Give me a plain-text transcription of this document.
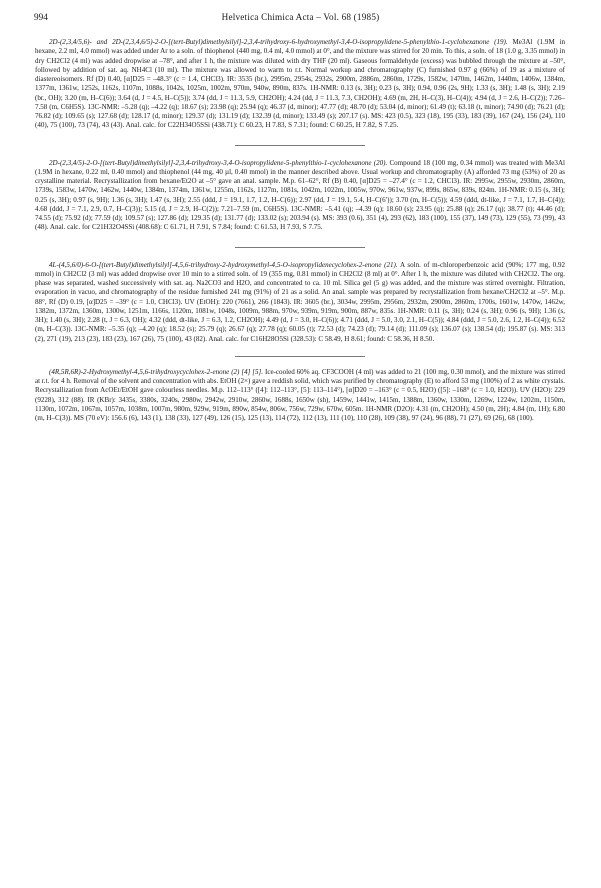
994	Helvetica Chimica Acta – Vol. 68 (1985)

2D-(2,3,4/5,6)- and 2D-(2,3,4,6/5)-2-O-[(tert-Butyl)dimethylsilyl]-2,3,4-trihydroxy-6-hydroxymethyl-3,4-O-isopropylidene-5-phenylthio-1-cyclohexanone (19). Me3Al (1.9M in hexane, 2.2 ml, 4.0 mmol) was added under Ar to a soln. of thiophenol (440 mg, 0.4 ml, 4.0 mmol) at 0°, and the mixture was stirred for 20 min. To this, a soln. of 18 (1.0 g, 3.35 mmol) in dry CH2Cl2 (4 ml) was added dropwise at –78°, and after 1 h, the mixture was diluted with dry THF (20 ml). Gaseous formaldehyde (excess) was bubbled through the mixture at –50°, followed by addition of sat. aq. NH4Cl (10 ml). The mixture was allowed to warm to r.t. Normal workup and chromatography (C) furnished 0.97 g (66%) of 19 as a mixture of diastereoisomers. Rf (D) 0.40, [α]D25 = –48.3° (c = 1.4, CHCl3). IR: 3535 (br.), 2995m, 2954s, 2932s, 2900m, 2886m, 2860m, 1729s, 1582w, 1470m, 1462m, 1440m, 1406w, 1384m, 1377m, 1361w, 1252s, 1162s, 1107m, 1088s, 1042s, 1025m, 1002m, 970m, 940w, 890m, 837s. 1H-NMR: 0.13 (s, 3H); 0.23 (s, 3H); 0.94, 0.96 (2s, 9H); 1.33 (s, 3H); 1.48 (s, 3H); 2.19 (br., OH); 3.20 (m, H–C(6)); 3.64 (d, J = 4.5, H–C(5)); 3.74 (dd, J = 11.3, 5.9, CH2OH); 4.24 (dd, J = 11.3, 7.3, CH2OH); 4.69 (m, 2H, H–C(3), H–C(4)); 4.94 (d, J = 2.6, H–C(2)); 7.26–7.58 (m, C6H5S). 13C-NMR: –5.28 (q); –4.22 (q); 18.67 (s); 23.98 (q); 25.94 (q); 46.37 (d, minor); 47.77 (d); 48.70 (d); 53.04 (d, minor); 61.49 (t); 63.18 (t, minor); 74.90 (d); 76.21 (d); 76.82 (d); 109.65 (s); 127.68 (d); 128.17 (d, minor); 129.37 (d); 131.19 (d); 132.39 (d, minor); 133.49 (s); 207.17 (s). MS: 423 (0.5), 323 (18), 195 (33), 183 (39), 167 (24), 156 (24), 110 (40), 75 (100), 73 (74), 43 (43). Anal. calc. for C22H34O5SSi (438.71): C 60.23, H 7.83, S 7.31; found: C 60.25, H 7.82, S 7.25.

2D-(2,3,4/5)-2-O-[(tert-Butyl)dimethylsilyl]-2,3,4-trihydroxy-3,4-O-isopropylidene-5-phenylthio-1-cyclohexanone (20). Compound 18 (100 mg, 0.34 mmol) was treated with Me3Al (1.9M in hexane, 0.22 ml, 0.40 mmol) and thiophenol (44 mg, 40 µl, 0.40 mmol) in the manner described above. Usual workup and chromatography (A) afforded 73 mg (53%) of 20 as crystalline material. Recrystallization from hexane/Et2O at –5° gave an anal. sample. M.p. 61–62°, Rf (B) 0.40, [α]D25 = –27.4° (c = 1.2, CHCl3). IR: 2995w, 2955w, 2930m, 2860m, 1739s, 1583w, 1470w, 1462w, 1440w, 1384m, 1374m, 1361w, 1255m, 1162s, 1127m, 1081s, 1042m, 1022m, 1005w, 970w, 961w, 937w, 899s, 865w, 839s, 824m. 1H-NMR: 0.15 (s, 3H); 0.25 (s, 3H); 0.97 (s, 9H); 1.36 (s, 3H); 1.47 (s, 3H); 2.55 (ddd, J = 19.1, 1.7, 1.2, H–C(6)); 2.97 (dd, J = 19.1, 5.4, H–C(6′)); 3.70 (m, H–C(5)); 4.59 (ddd, dt-like, J = 7.1, 1.7, H–C(4)); 4.68 (ddd, J = 7.1, 2.9, 0.7, H–C(3)); 5.15 (d, J = 2.9, H–C(2)); 7.21–7.59 (m, C6H5S). 13C-NMR: –5.41 (q); –4.39 (q); 18.60 (s); 23.95 (q); 25.88 (q); 26.17 (q); 38.77 (t); 44.46 (d); 74.55 (d); 75.92 (d); 77.59 (d); 109.57 (s); 127.86 (d); 129.35 (d); 131.77 (d); 133.02 (s); 203.94 (s). MS: 393 (0.6), 351 (4), 293 (62), 183 (100), 155 (37), 149 (73), 129 (55), 73 (99), 43 (48). Anal. calc. for C21H32O4SSi (408.68): C 61.71, H 7.91, S 7.84; found: C 61.53, H 7.93, S 7.75.

4L-(4,5,6/0)-6-O-[(tert-Butyl)dimethylsilyl]-4,5,6-trihydroxy-2-hydroxymethyl-4,5-O-isopropylidenecyclohex-2-enone (21). A soln. of m-chloroperbenzoic acid (90%; 177 mg, 0.92 mmol) in CH2Cl2 (3 ml) was added dropwise over 10 min to a stirred soln. of 19 (355 mg, 0.81 mmol) in CH2Cl2 (8 ml) at 0°. After 1 h, the mixture was diluted with CH2Cl2. The org. phase was separated, washed successively with sat. aq. Na2CO3 and H2O, and concentrated to ca. 10 ml. Silica gel (5 g) was added, and the mixture was stirred overnight. Filtration, evaporation in vacuo, and chromatography of the residue furnished 241 mg (91%) of 21 as a solid. An anal. sample was prepared by recrystallization from hexane/CH2Cl2 at –5°. M.p. 88°, Rf (D) 0.19, [α]D25 = –39° (c = 1.0, CHCl3). UV (EtOH): 220 (7661), 266 (1843). IR: 3605 (br.), 3034w, 2995m, 2956m, 2932m, 2900m, 2860m, 1700s, 1601w, 1470w, 1462w, 1382m, 1372m, 1360m, 1300w, 1251m, 1166s, 1120m, 1081w, 1048s, 1009m, 988m, 970w, 939m, 919m, 900m, 887w, 835s. 1H-NMR: 0.11 (s, 3H); 0.24 (s, 3H); 0.96 (s, 9H); 1.36 (s, 3H); 1.40 (s, 3H); 2.28 (t, J = 6.3, OH); 4.32 (ddd, dt-like, J = 6.3, 1.2, CH2OH); 4.49 (d, J = 3.0, H–C(6)); 4.71 (ddd, J = 5.0, 3.0, 2.1, H–C(5)); 4.84 (ddd, J = 5.0, 2.6, 1.2, H–C(4)); 6.52 (m, H–C(3)). 13C-NMR: –5.35 (q); –4.20 (q); 18.52 (s); 25.79 (q); 26.67 (q); 27.78 (q); 60.05 (t); 72.53 (d); 74.23 (d); 79.14 (d); 111.09 (s); 136.07 (s); 138.54 (d); 195.87 (s). MS: 313 (2), 271 (19), 213 (23), 183 (23), 167 (26), 75 (100), 43 (82). Anal. calc. for C16H28O5Si (328.53): C 58.49, H 8.61; found: C 58.36, H 8.50.

(4R,5R,6R)-2-Hydroxymethyl-4,5,6-trihydroxycyclohex-2-enone (2) [4] [5]. Ice-cooled 60% aq. CF3COOH (4 ml) was added to 21 (100 mg, 0.30 mmol), and the mixture was stirred at r.t. for 4 h. Removal of the solvent and concentration with abs. EtOH (2×) gave a reddish solid, which was purified by chromatography (E) to afford 53 mg (100%) of 2 as white crystals. Recrystallization from AcOEt/EtOH gave colourless needles. M.p. 112–113° ([4]: 112–113°, [5]: 113–114°), [α]D20 = –163° (c = 0.5, H2O) ([5]: –168° (c = 1.0, H2O)). UV (H2O): 229 (9228), 312 (88). IR (KBr): 3435s, 3380s, 3240s, 2980w, 2942w, 2910w, 2860w, 1688s, 1650w (sh), 1459w, 1441w, 1415m, 1388m, 1360w, 1330m, 1269w, 1224w, 1202m, 1150m, 1130m, 1072m, 1067m, 1057m, 1038m, 1007m, 980m, 929w, 919m, 890w, 854w, 806w, 756w, 729w, 670w, 605m. 1H-NMR (D2O): 4.31 (m, CH2OH); 4.50 (m, 2H); 4.84 (m, 1H); 6.80 (m, H–C(3)). MS (70 eV): 156.6 (6), 143 (1), 138 (33), 127 (49), 126 (15), 125 (13), 114 (72), 112 (13), 111 (10), 110 (28), 109 (38), 97 (24), 96 (88), 71 (27), 69 (26), 68 (100).
